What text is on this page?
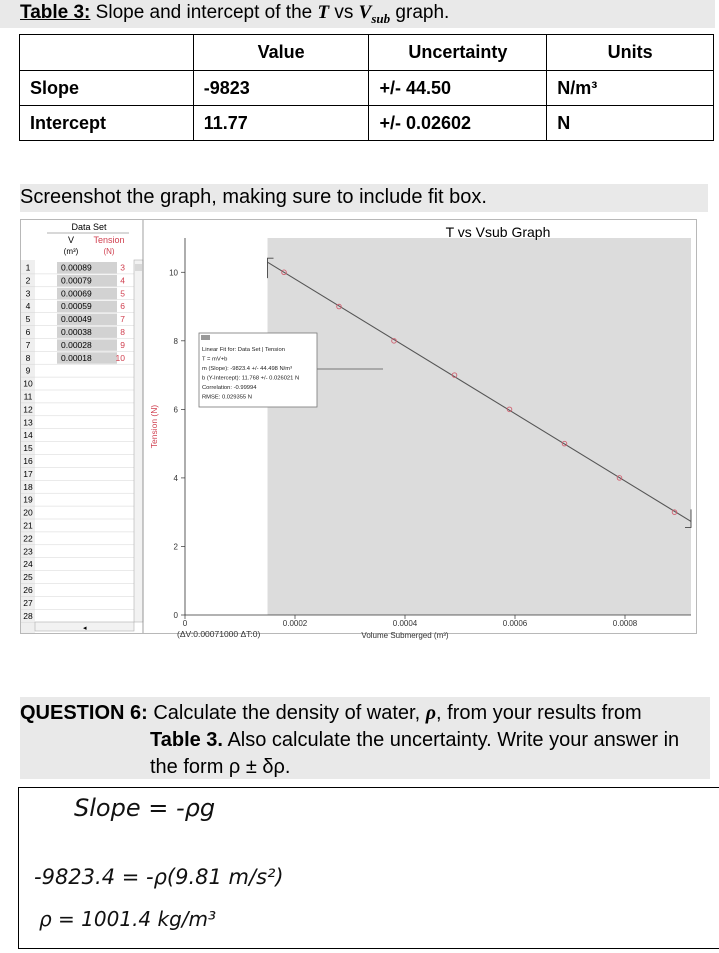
Table 3: Slope and intercept of the T vs $V_{sub}$ graph.
	Value	Uncertainty	Units
Slope	-9823	+/- 44.50	N/m³
Intercept	11.77	+/- 0.02602	N
Screenshot the graph, making sure to include fit box.
Data Set
V
(m³)
Tension
(N)
1	0.00089	3
2	0.00079	4
3	0.00069	5
4	0.00059	6
5	0.00049	7
6	0.00038	8
7	0.00028	9
8	0.00018	10
9
10
11
12
13
14
15
16
17
18
19
20
21
22
23
24
25
26
27
28
◂
T vs Vsub Graph
0
2
4
6
8
10
0	0.0002	0.0004	0.0006	0.0008
Volume Submerged (m³)
Tension (N)
(ΔV:0.00071000 ΔT:0)
Linear Fit for: Data Set | Tension
T = mV+b
m (Slope): -9823.4 +/- 44.498 N/m³
b (Y-Intercept): 11.768 +/- 0.026021 N
Correlation: -0.99994
RMSE: 0.029355 N
QUESTION 6: Calculate the density of water, ρ, from your results from
Table 3. Also calculate the uncertainty. Write your answer in
the form ρ ± δρ.
Slope = -ρg
-9823.4 = -ρ(9.81 m/s²)
ρ = 1001.4 kg/m³
